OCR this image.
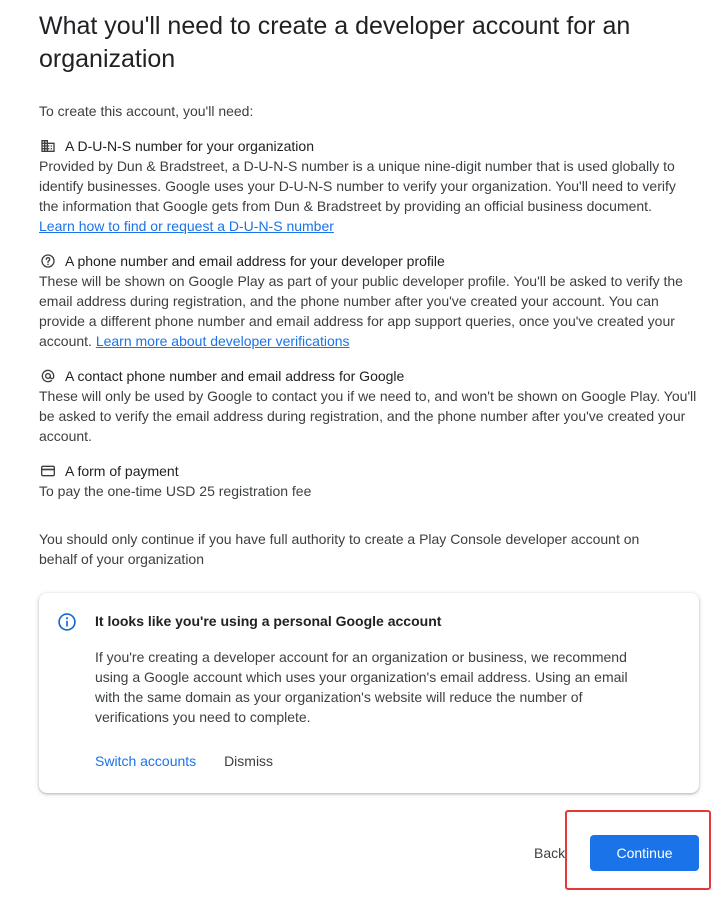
What you'll need to create a developer account for an organization
To create this account, you'll need:
A D-U-N-S number for your organization
Provided by Dun & Bradstreet, a D-U-N-S number is a unique nine-digit number that is used globally to identify businesses. Google uses your D-U-N-S number to verify your organization. You'll need to verify the information that Google gets from Dun & Bradstreet by providing an official business document.
Learn how to find or request a D-U-N-S number
A phone number and email address for your developer profile
These will be shown on Google Play as part of your public developer profile. You'll be asked to verify the email address during registration, and the phone number after you've created your account. You can provide a different phone number and email address for app support queries, once you've created your account. Learn more about developer verifications
A contact phone number and email address for Google
These will only be used by Google to contact you if we need to, and won't be shown on Google Play. You'll be asked to verify the email address during registration, and the phone number after you've created your account.
A form of payment
To pay the one-time USD 25 registration fee
You should only continue if you have full authority to create a Play Console developer account on behalf of your organization
It looks like you're using a personal Google account
If you're creating a developer account for an organization or business, we recommend using a Google account which uses your organization's email address. Using an email with the same domain as your organization's website will reduce the number of verifications you need to complete.
Switch accounts Dismiss
Back	Continue
